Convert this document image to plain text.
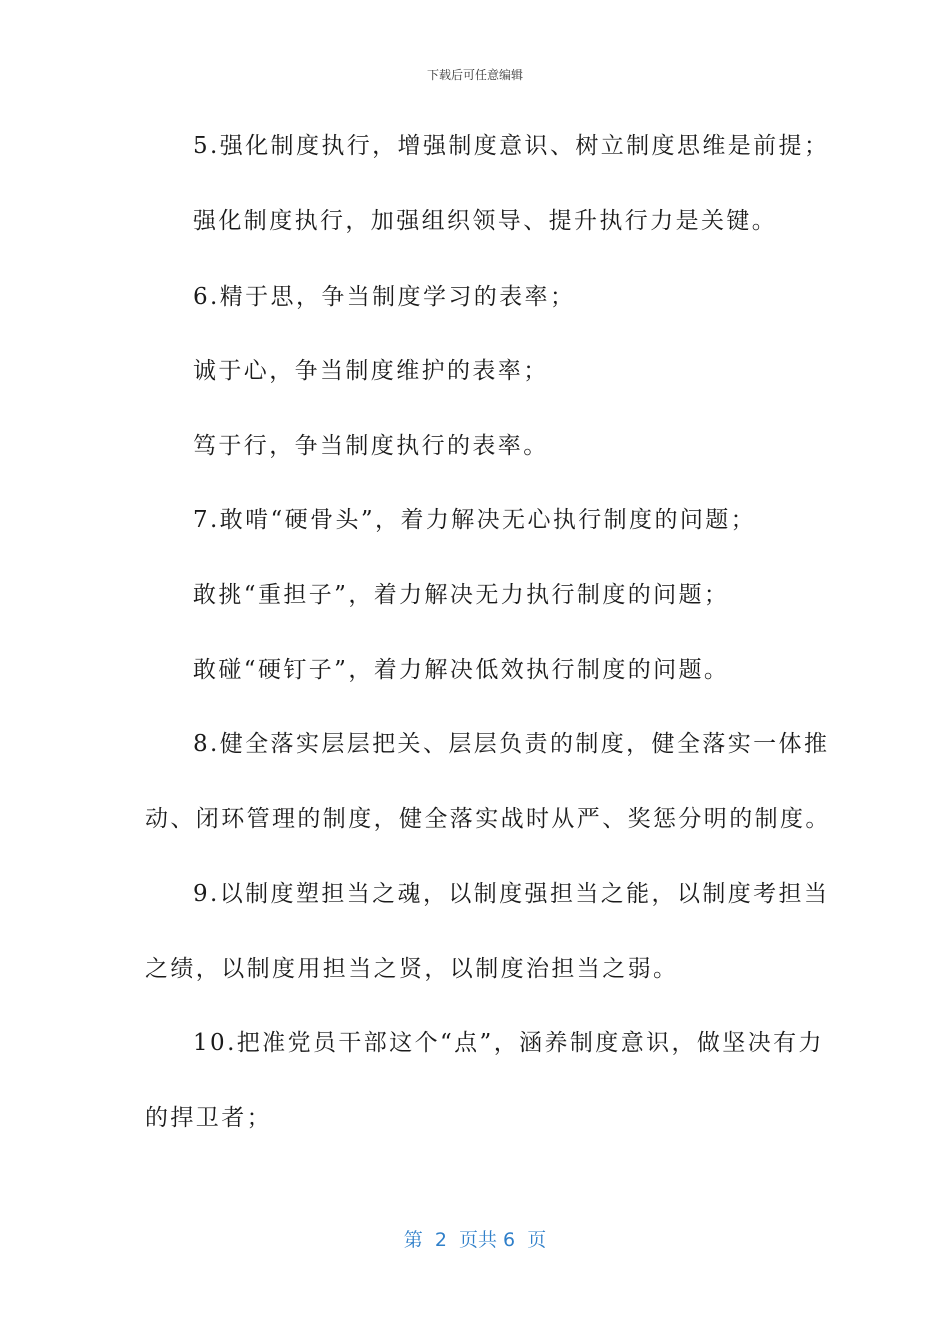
下载后可任意编辑
5.强化制度执行，增强制度意识、树立制度思维是前提；
强化制度执行，加强组织领导、提升执行力是关键。
6.精于思，争当制度学习的表率；
诚于心，争当制度维护的表率；
笃于行，争当制度执行的表率。
7.敢啃“硬骨头”，着力解决无心执行制度的问题；
敢挑“重担子”，着力解决无力执行制度的问题；
敢碰“硬钉子”，着力解决低效执行制度的问题。
8.健全落实层层把关、层层负责的制度，健全落实一体推
动、闭环管理的制度，健全落实战时从严、奖惩分明的制度。
9.以制度塑担当之魂，以制度强担当之能，以制度考担当
之绩，以制度用担当之贤，以制度治担当之弱。
10.把准党员干部这个“点”，涵养制度意识，做坚决有力
的捍卫者；
第  2  页共 6  页
